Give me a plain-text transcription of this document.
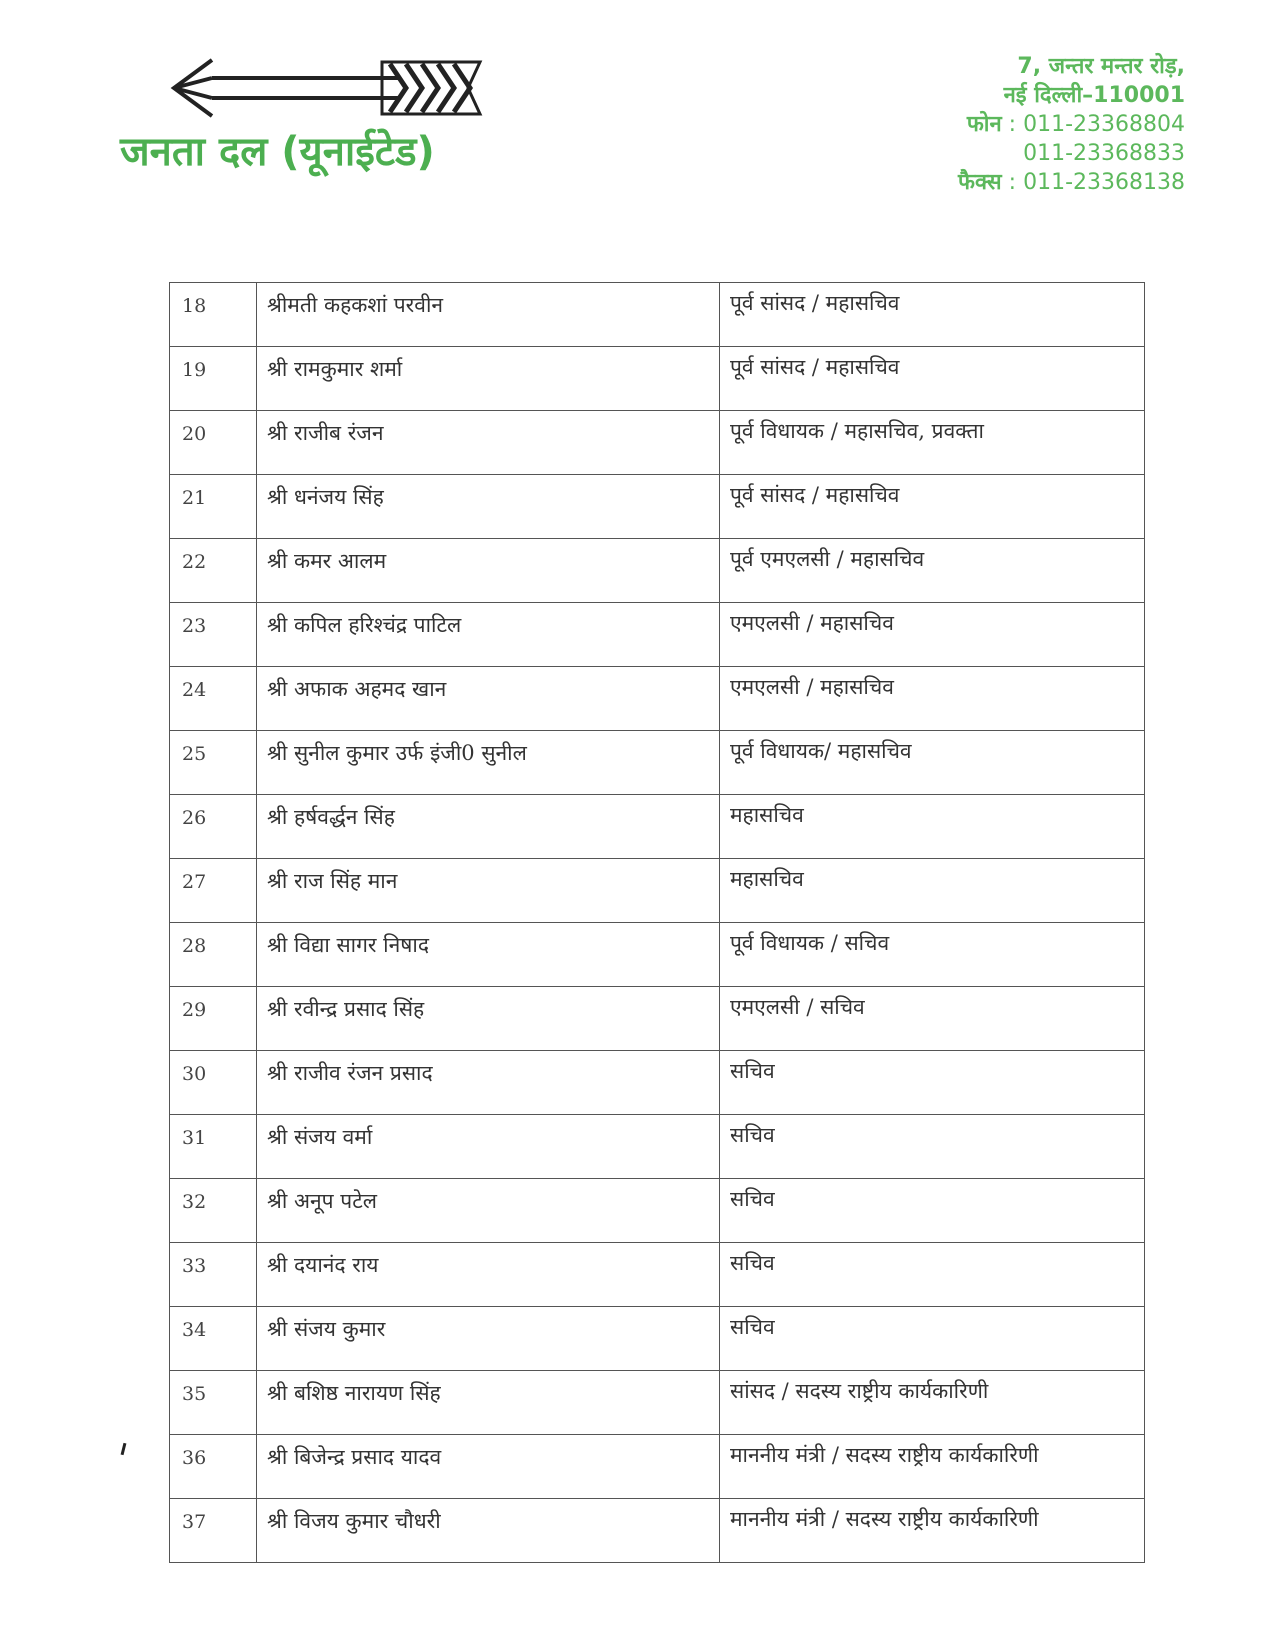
जनता दल (यूनाईटेड)
7, जन्तर मन्तर रोड़,
नई दिल्ली–110001
फोन : 011-23368804
011-23368833
फैक्स : 011-23368138
18	श्रीमती कहकशां परवीन	पूर्व सांसद / महासचिव
19	श्री रामकुमार शर्मा	पूर्व सांसद / महासचिव
20	श्री राजीब रंजन	पूर्व विधायक / महासचिव, प्रवक्ता
21	श्री धनंजय सिंह	पूर्व सांसद / महासचिव
22	श्री कमर आलम	पूर्व एमएलसी / महासचिव
23	श्री कपिल हरिश्चंद्र पाटिल	एमएलसी / महासचिव
24	श्री अफाक अहमद खान	एमएलसी / महासचिव
25	श्री सुनील कुमार उर्फ इंजी0 सुनील	पूर्व विधायक/ महासचिव
26	श्री हर्षवर्द्धन सिंह	महासचिव
27	श्री राज सिंह मान	महासचिव
28	श्री विद्या सागर निषाद	पूर्व विधायक / सचिव
29	श्री रवीन्द्र प्रसाद सिंह	एमएलसी / सचिव
30	श्री राजीव रंजन प्रसाद	सचिव
31	श्री संजय वर्मा	सचिव
32	श्री अनूप पटेल	सचिव
33	श्री दयानंद राय	सचिव
34	श्री संजय कुमार	सचिव
35	श्री बशिष्ठ नारायण सिंह	सांसद / सदस्य राष्ट्रीय कार्यकारिणी
36	श्री बिजेन्द्र प्रसाद यादव	माननीय मंत्री / सदस्य राष्ट्रीय कार्यकारिणी
37	श्री विजय कुमार चौधरी	माननीय मंत्री / सदस्य राष्ट्रीय कार्यकारिणी
